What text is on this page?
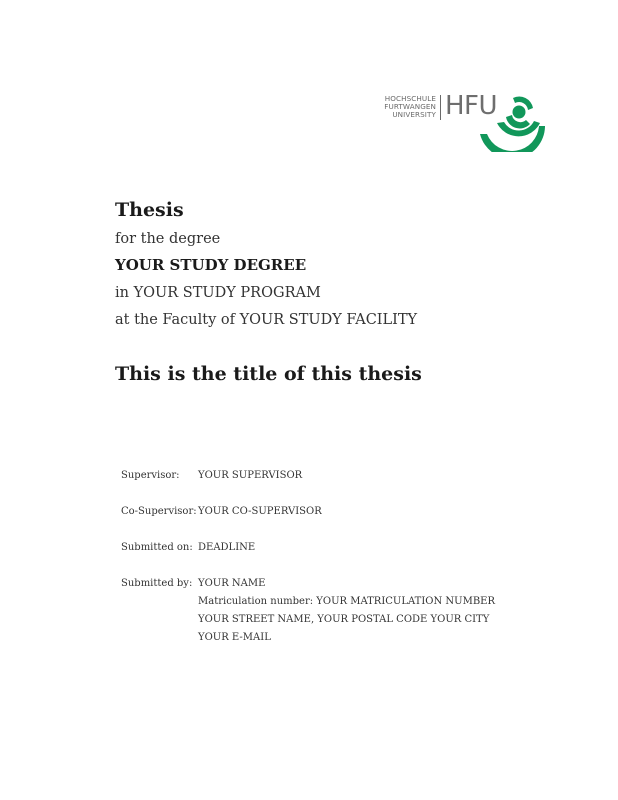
HOCHSCHULE
FURTWANGEN
UNIVERSITY HFU
Thesis
for the degree
YOUR STUDY DEGREE
in YOUR STUDY PROGRAM
at the Faculty of YOUR STUDY FACILITY
This is the title of this thesis
Supervisor: YOUR SUPERVISOR
Co-Supervisor: YOUR CO-SUPERVISOR
Submitted on: DEADLINE
Submitted by: YOUR NAME
Matriculation number: YOUR MATRICULATION NUMBER
YOUR STREET NAME, YOUR POSTAL CODE YOUR CITY
YOUR E-MAIL
